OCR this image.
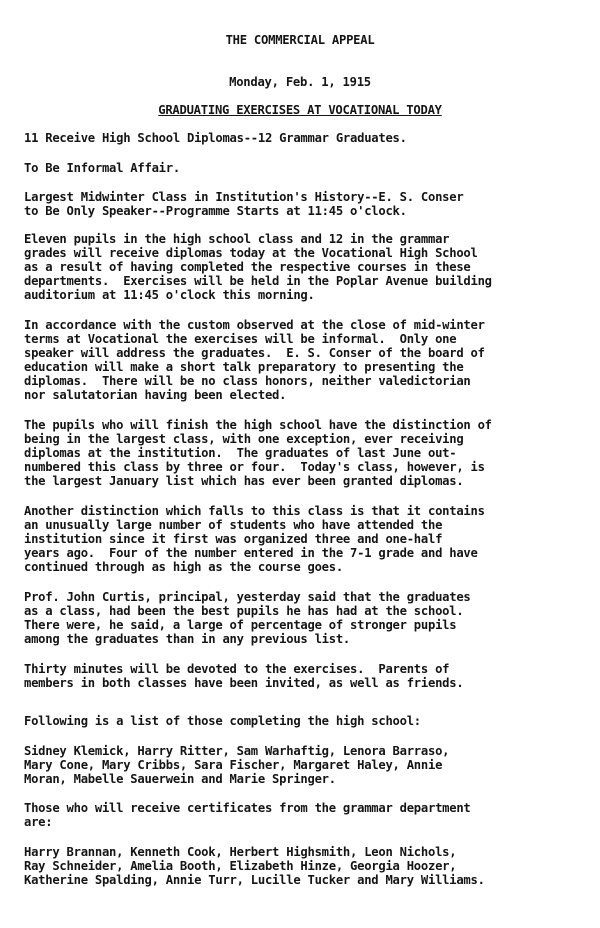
THE COMMERCIAL APPEAL
Monday, Feb. 1, 1915
GRADUATING EXERCISES AT VOCATIONAL TODAY
11 Receive High School Diplomas--12 Grammar Graduates.
To Be Informal Affair.
Largest Midwinter Class in Institution's History--E. S. Conser
to Be Only Speaker--Programme Starts at 11:45 o'clock.
Eleven pupils in the high school class and 12 in the grammar
grades will receive diplomas today at the Vocational High School
as a result of having completed the respective courses in these
departments.  Exercises will be held in the Poplar Avenue building
auditorium at 11:45 o'clock this morning.
In accordance with the custom observed at the close of mid-winter
terms at Vocational the exercises will be informal.  Only one
speaker will address the graduates.  E. S. Conser of the board of
education will make a short talk preparatory to presenting the
diplomas.  There will be no class honors, neither valedictorian
nor salutatorian having been elected.
The pupils who will finish the high school have the distinction of
being in the largest class, with one exception, ever receiving
diplomas at the institution.  The graduates of last June out-
numbered this class by three or four.  Today's class, however, is
the largest January list which has ever been granted diplomas.
Another distinction which falls to this class is that it contains
an unusually large number of students who have attended the
institution since it first was organized three and one-half
years ago.  Four of the number entered in the 7-1 grade and have
continued through as high as the course goes.
Prof. John Curtis, principal, yesterday said that the graduates
as a class, had been the best pupils he has had at the school.
There were, he said, a large of percentage of stronger pupils
among the graduates than in any previous list.
Thirty minutes will be devoted to the exercises.  Parents of
members in both classes have been invited, as well as friends.
Following is a list of those completing the high school:
Sidney Klemick, Harry Ritter, Sam Warhaftig, Lenora Barraso,
Mary Cone, Mary Cribbs, Sara Fischer, Margaret Haley, Annie
Moran, Mabelle Sauerwein and Marie Springer.
Those who will receive certificates from the grammar department
are:
Harry Brannan, Kenneth Cook, Herbert Highsmith, Leon Nichols,
Ray Schneider, Amelia Booth, Elizabeth Hinze, Georgia Hoozer,
Katherine Spalding, Annie Turr, Lucille Tucker and Mary Williams.
